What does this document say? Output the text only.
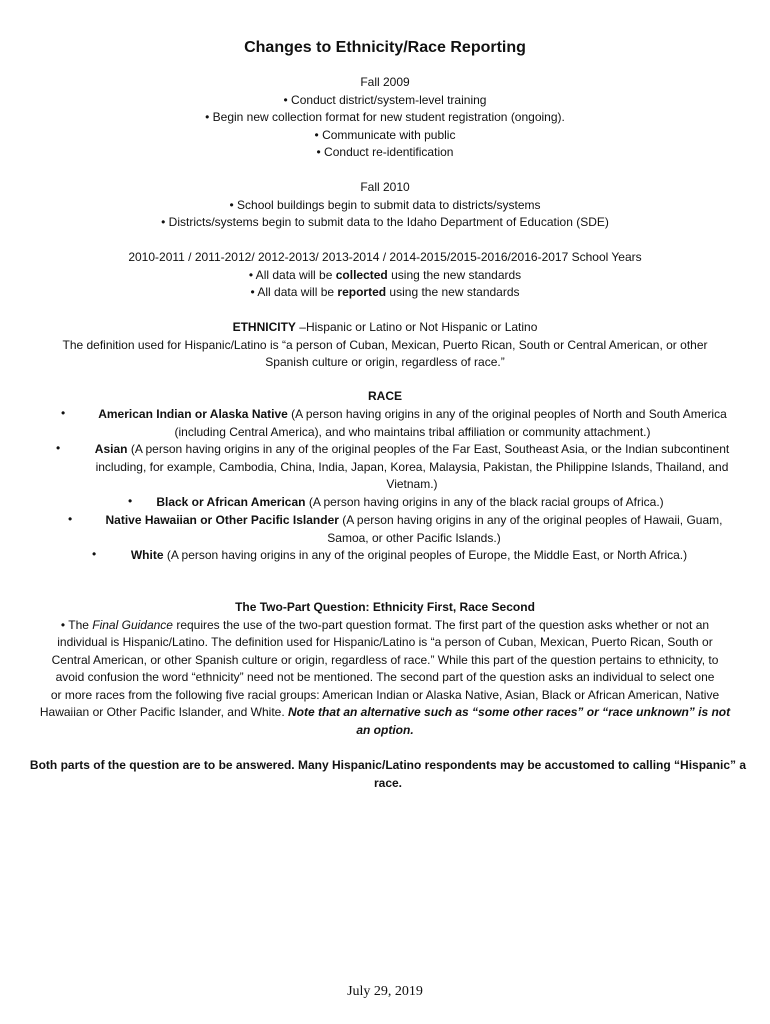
Changes to Ethnicity/Race Reporting

Fall 2009

• Conduct district/system-level training

• Begin new collection format for new student registration (ongoing).

• Communicate with public

• Conduct re-identification

Fall 2010

• School buildings begin to submit data to districts/systems

• Districts/systems begin to submit data to the Idaho Department of Education (SDE)

2010-2011 / 2011-2012/ 2012-2013/ 2013-2014 / 2014-2015/2015-2016/2016-2017 School Years

• All data will be collected using the new standards

• All data will be reported using the new standards

ETHNICITY –Hispanic or Latino or Not Hispanic or Latino

The definition used for Hispanic/Latino is “a person of Cuban, Mexican, Puerto Rican, South or Central American, or other

Spanish culture or origin, regardless of race.”

RACE

•	American Indian or Alaska Native (A person having origins in any of the original peoples of North and South America

(including Central America), and who maintains tribal affiliation or community attachment.)

•	Asian (A person having origins in any of the original peoples of the Far East, Southeast Asia, or the Indian subcontinent

including, for example, Cambodia, China, India, Japan, Korea, Malaysia, Pakistan, the Philippine Islands, Thailand, and

Vietnam.)

•	Black or African American (A person having origins in any of the black racial groups of Africa.)

•	Native Hawaiian or Other Pacific Islander (A person having origins in any of the original peoples of Hawaii, Guam,

Samoa, or other Pacific Islands.)

•	White (A person having origins in any of the original peoples of Europe, the Middle East, or North Africa.)

The Two-Part Question: Ethnicity First, Race Second

• The Final Guidance requires the use of the two-part question format. The first part of the question asks whether or not an

individual is Hispanic/Latino. The definition used for Hispanic/Latino is “a person of Cuban, Mexican, Puerto Rican, South or

Central American, or other Spanish culture or origin, regardless of race.” While this part of the question pertains to ethnicity, to

avoid confusion the word “ethnicity” need not be mentioned. The second part of the question asks an individual to select one

or more races from the following five racial groups: American Indian or Alaska Native, Asian, Black or African American, Native

Hawaiian or Other Pacific Islander, and White. Note that an alternative such as “some other races” or “race unknown” is not

an option.

Both parts of the question are to be answered. Many Hispanic/Latino respondents may be accustomed to calling “Hispanic” a

race.

July 29, 2019
